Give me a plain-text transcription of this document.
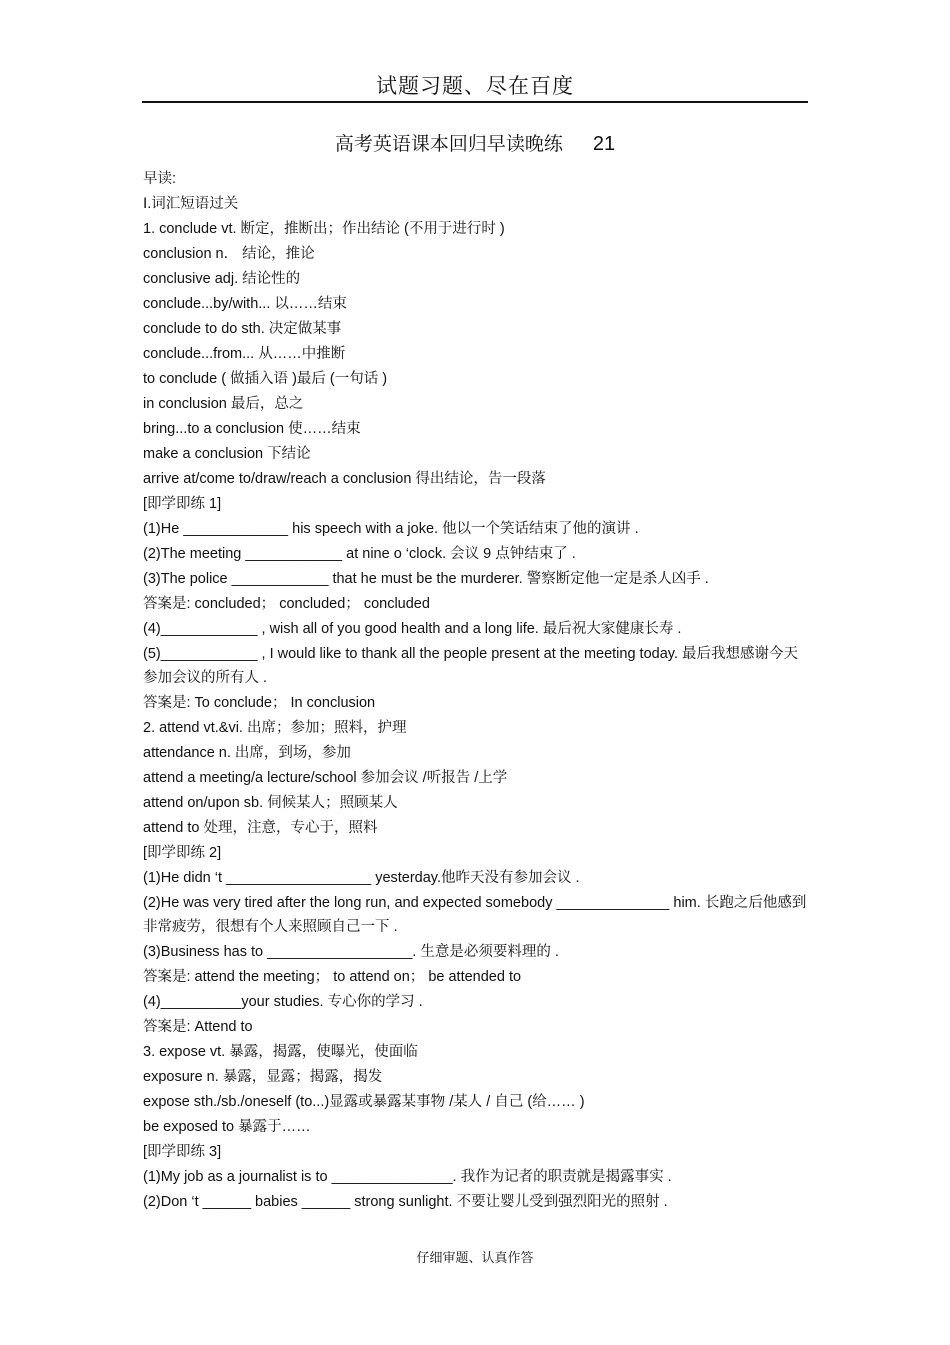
试题习题、尽在百度
高考英语课本回归早读晚练 21
早读:
Ⅰ.词汇短语过关
1. conclude vt. 断定，推断出；作出结论 (不用于进行时 )
conclusion n． 结论，推论
conclusive adj. 结论性的
conclude...by/with... 以……结束
conclude to do sth. 决定做某事
conclude...from... 从……中推断
to conclude ( 做插入语 )最后 (一句话 )
in conclusion 最后，总之
bring...to a conclusion 使……结束
make a conclusion 下结论
arrive at/come to/draw/reach a conclusion 得出结论，告一段落
[即学即练 1]
(1)He _____________ his speech with a joke. 他以一个笑话结束了他的演讲 .
(2)The meeting ____________ at nine o ‘clock. 会议 9 点钟结束了 .
(3)The police ____________ that he must be the murderer. 警察断定他一定是杀人凶手 .
答案是: concluded； concluded； concluded
(4)____________ , wish all of you good health and a long life. 最后祝大家健康长寿 .
(5)____________ , I would like to thank all the people present at the meeting today. 最后我想感谢今天参加会议的所有人 .
答案是: To conclude； In conclusion
2. attend vt.&vi. 出席；参加；照料，护理
attendance n. 出席，到场，参加
attend a meeting/a lecture/school 参加会议 /听报告 /上学
attend on/upon sb. 伺候某人；照顾某人
attend to 处理，注意，专心于，照料
[即学即练 2]
(1)He didn ‘t __________________ yesterday.他昨天没有参加会议 .
(2)He was very tired after the long run, and expected somebody ______________ him. 长跑之后他感到非常疲劳，很想有个人来照顾自己一下 .
(3)Business has to __________________. 生意是必须要料理的 .
答案是: attend the meeting； to attend on； be attended to
(4)__________your studies. 专心你的学习 .
答案是: Attend to
3. expose vt. 暴露，揭露，使曝光，使面临
exposure n. 暴露，显露；揭露，揭发
expose sth./sb./oneself (to...)显露或暴露某事物 /某人 / 自己 (给…… )
be exposed to 暴露于……
[即学即练 3]
(1)My job as a journalist is to _______________. 我作为记者的职责就是揭露事实 .
(2)Don ‘t ______ babies ______ strong sunlight. 不要让婴儿受到强烈阳光的照射 .
仔细审题、认真作答
